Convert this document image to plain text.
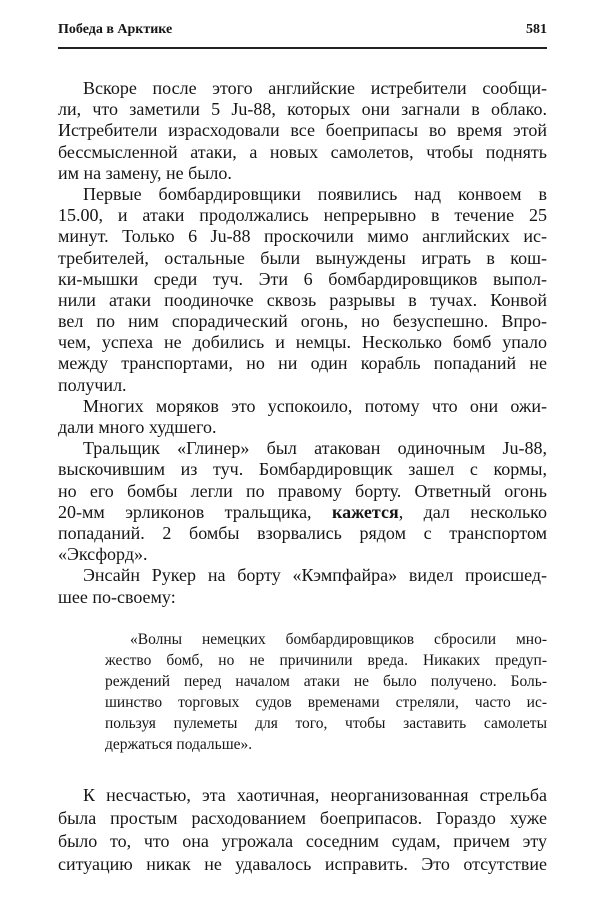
Победа в Арктике	581
Вскоре после этого английские истребители сообщи-
ли, что заметили 5 Ju-88, которых они загнали в облако.
Истребители израсходовали все боеприпасы во время этой
бессмысленной атаки, а новых самолетов, чтобы поднять
им на замену, не было.
Первые бомбардировщики появились над конвоем в
15.00, и атаки продолжались непрерывно в течение 25
минут. Только 6 Ju-88 проскочили мимо английских ис-
требителей, остальные были вынуждены играть в кош-
ки-мышки среди туч. Эти 6 бомбардировщиков выпол-
нили атаки поодиночке сквозь разрывы в тучах. Конвой
вел по ним спорадический огонь, но безуспешно. Впро-
чем, успеха не добились и немцы. Несколько бомб упало
между транспортами, но ни один корабль попаданий не
получил.
Многих моряков это успокоило, потому что они ожи-
дали много худшего.
Тральщик «Глинер» был атакован одиночным Ju-88,
выскочившим из туч. Бомбардировщик зашел с кормы,
но его бомбы легли по правому борту. Ответный огонь
20-мм эрликонов тральщика, кажется, дал несколько
попаданий. 2 бомбы взорвались рядом с транспортом
«Эксфорд».
Энсайн Рукер на борту «Кэмпфайра» видел происшед-
шее по-своему:
«Волны немецких бомбардировщиков сбросили мно-
жество бомб, но не причинили вреда. Никаких предуп-
реждений перед началом атаки не было получено. Боль-
шинство торговых судов временами стреляли, часто ис-
пользуя пулеметы для того, чтобы заставить самолеты
держаться подальше».
К несчастью, эта хаотичная, неорганизованная стрельба
была простым расходованием боеприпасов. Гораздо хуже
было то, что она угрожала соседним судам, причем эту
ситуацию никак не удавалось исправить. Это отсутствие
